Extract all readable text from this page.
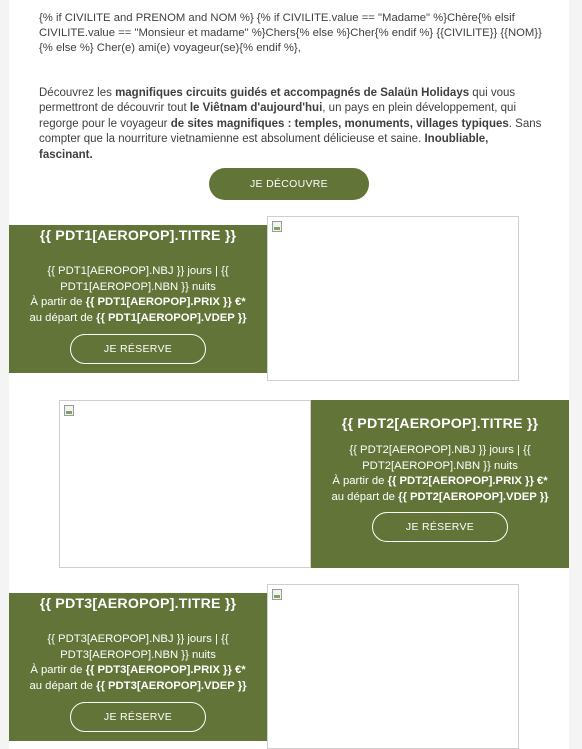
{% if CIVILITE and PRENOM and NOM %} {% if CIVILITE.value == "Madame" %}Chère{% elsif CIVILITE.value == "Monsieur et madame" %}Chers{% else %}Cher{% endif %} {{CIVILITE}} {{NOM}}{% else %} Cher(e) ami(e) voyageur(se){% endif %},
Découvrez les magnifiques circuits guidés et accompagnés de Salaün Holidays qui vous permettront de découvrir tout le Viêtnam d'aujourd'hui, un pays en plein développement, qui regorge pour le voyageur de sites magnifiques : temples, monuments, villages typiques. Sans compter que la nourriture vietnamienne est absolument délicieuse et saine. Inoubliable, fascinant.
JE DÉCOUVRE
{{ PDT1[AEROPOP].TITRE }}
{{ PDT1[AEROPOP].NBJ }} jours | {{
PDT1[AEROPOP].NBN }} nuits
À partir de {{ PDT1[AEROPOP].PRIX }} €*
au départ de {{ PDT1[AEROPOP].VDEP }}
JE RÉSERVE
{{ PDT2[AEROPOP].TITRE }}
{{ PDT2[AEROPOP].NBJ }} jours | {{
PDT2[AEROPOP].NBN }} nuits
À partir de {{ PDT2[AEROPOP].PRIX }} €*
au départ de {{ PDT2[AEROPOP].VDEP }}
JE RÉSERVE
{{ PDT3[AEROPOP].TITRE }}
{{ PDT3[AEROPOP].NBJ }} jours | {{
PDT3[AEROPOP].NBN }} nuits
À partir de {{ PDT3[AEROPOP].PRIX }} €*
au départ de {{ PDT3[AEROPOP].VDEP }}
JE RÉSERVE
